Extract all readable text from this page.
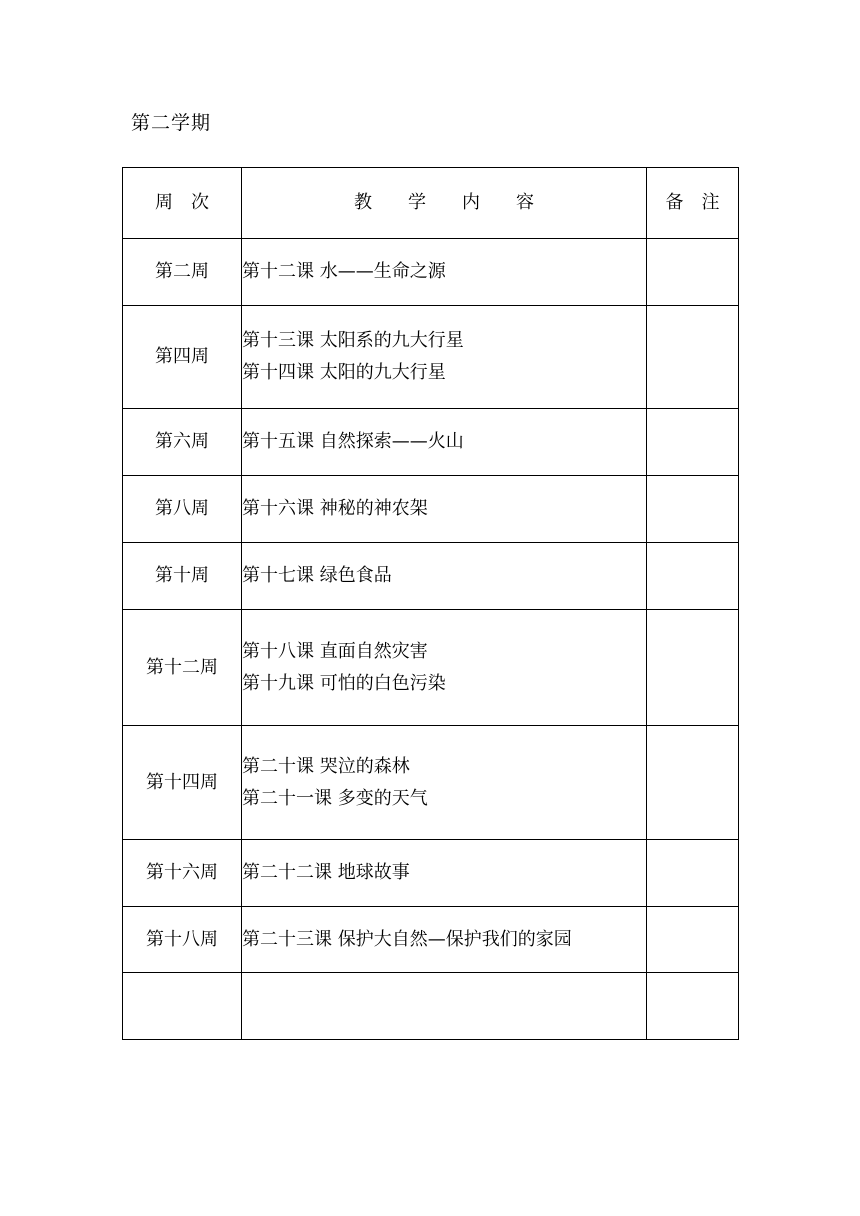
第二学期
周　次	教　　学　　内　　容	备　注
第二周	第十二课 水——生命之源	

第四周	第十三课 太阳系的九大行星
第十四课 太阳的九大行星	

第六周	第十五课 自然探索——火山	

第八周	第十六课 神秘的神农架	

第十周	第十七课 绿色食品	

第十二周	第十八课 直面自然灾害
第十九课 可怕的白色污染	

第十四周	第二十课 哭泣的森林
第二十一课 多变的天气	

第十六周	第二十二课 地球故事	

第十八周	第二十三课 保护大自然—保护我们的家园	
